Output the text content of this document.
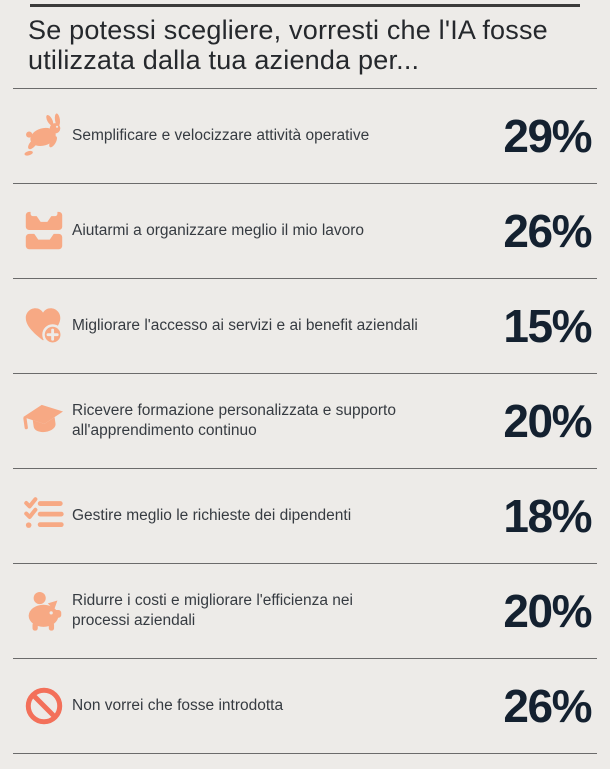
Se potessi scegliere, vorresti che l'IA fosse
utilizzata dalla tua azienda per...
Semplificare e velocizzare attività operative	29%
Aiutarmi a organizzare meglio il mio lavoro	26%
Migliorare l'accesso ai servizi e ai benefit aziendali 15%
Ricevere formazione personalizzata e supporto
all'apprendimento continuo	20%
Gestire meglio le richieste dei dipendenti	18%
Ridurre i costi e migliorare l'efficienza nei
processi aziendali	20%
Non vorrei che fosse introdotta	26%
